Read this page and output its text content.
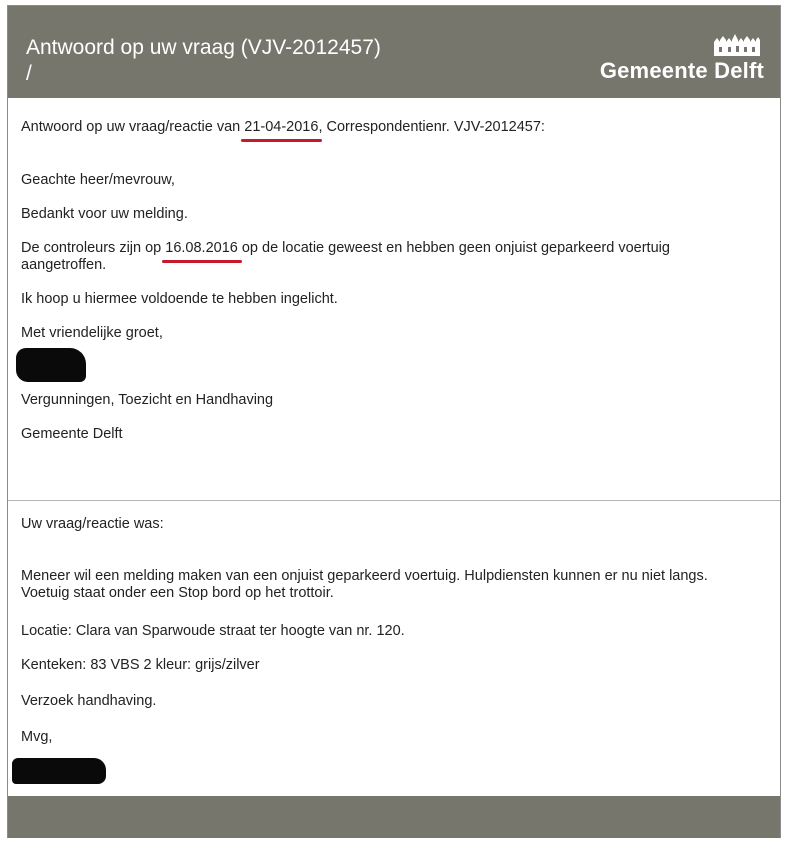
Antwoord op uw vraag (VJV-2012457)
/	Gemeente Delft
Antwoord op uw vraag/reactie van 21-04-2016, Correspondentienr. VJV-2012457:
Geachte heer/mevrouw,
Bedankt voor uw melding.
De controleurs zijn op 16.08.2016 op de locatie geweest en hebben geen onjuist geparkeerd voertuig
aangetroffen.
Ik hoop u hiermee voldoende te hebben ingelicht.
Met vriendelijke groet,
Vergunningen, Toezicht en Handhaving
Gemeente Delft
Uw vraag/reactie was:
Meneer wil een melding maken van een onjuist geparkeerd voertuig. Hulpdiensten kunnen er nu niet langs.
Voetuig staat onder een Stop bord op het trottoir.
Locatie: Clara van Sparwoude straat ter hoogte van nr. 120.
Kenteken: 83 VBS 2 kleur: grijs/zilver
Verzoek handhaving.
Mvg,
